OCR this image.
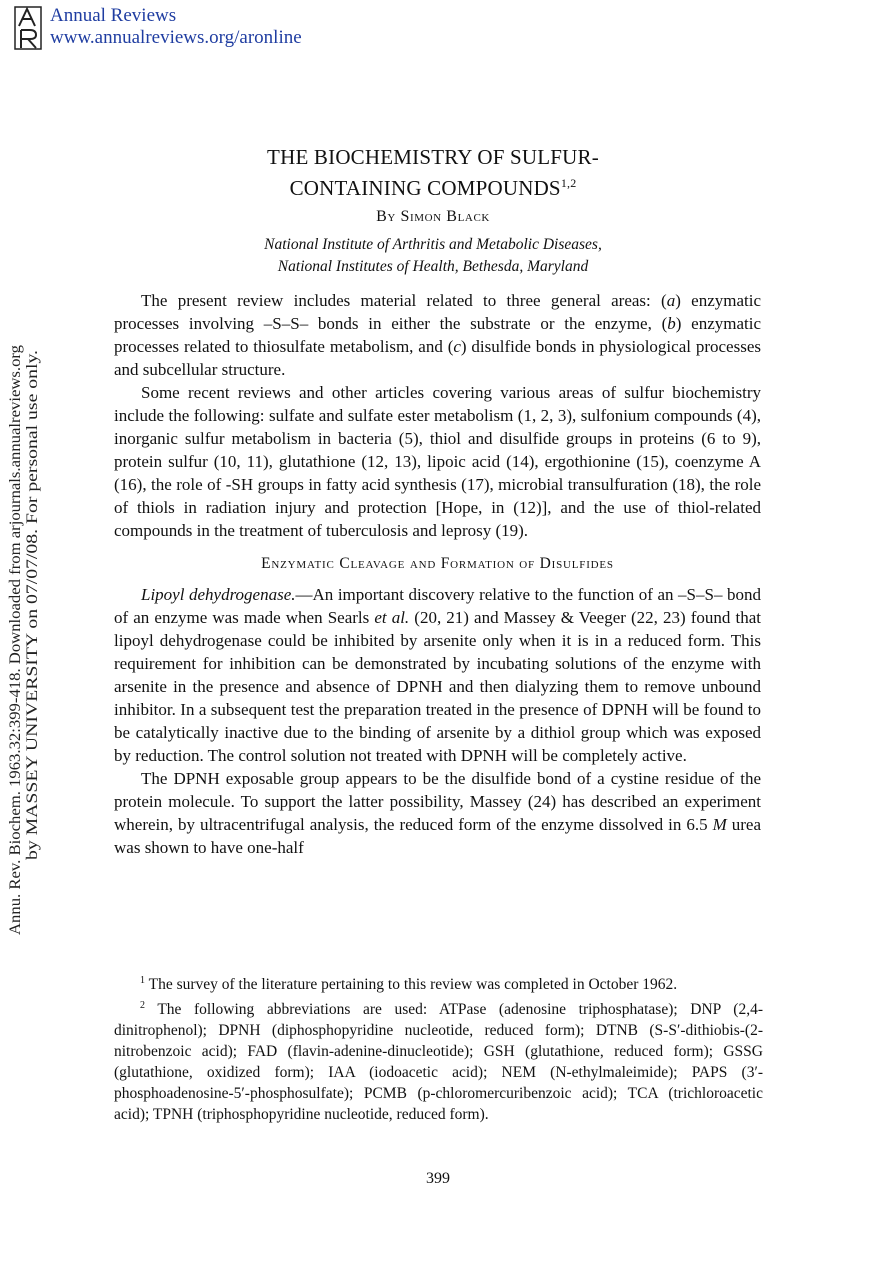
Annual Reviews
www.annualreviews.org/aronline
Annu. Rev. Biochem. 1963.32:399-418. Downloaded from arjournals.annualreviews.org by MASSEY UNIVERSITY on 07/07/08. For personal use only.
THE BIOCHEMISTRY OF SULFUR-
CONTAINING COMPOUNDS$^{1,2}$
By Simon Black
National Institute of Arthritis and Metabolic Diseases,
National Institutes of Health, Bethesda, Maryland

The present review includes material related to three general areas: (a) enzymatic processes involving –S–S– bonds in either the substrate or the enzyme, (b) enzymatic processes related to thiosulfate metabolism, and (c) disulfide bonds in physiological processes and subcellular structure.

Some recent reviews and other articles covering various areas of sulfur biochemistry include the following: sulfate and sulfate ester metabolism (1, 2, 3), sulfonium compounds (4), inorganic sulfur metabolism in bacteria (5), thiol and disulfide groups in proteins (6 to 9), protein sulfur (10, 11), glutathione (12, 13), lipoic acid (14), ergothionine (15), coenzyme A (16), the role of -SH groups in fatty acid synthesis (17), microbial transulfuration (18), the role of thiols in radiation injury and protection [Hope, in (12)], and the use of thiol-related compounds in the treatment of tuberculosis and leprosy (19).

Enzymatic Cleavage and Formation of Disulfides

Lipoyl dehydrogenase.—An important discovery relative to the function of an –S–S– bond of an enzyme was made when Searls et al. (20, 21) and Massey & Veeger (22, 23) found that lipoyl dehydrogenase could be inhibited by arsenite only when it is in a reduced form. This requirement for inhibition can be demonstrated by incubating solutions of the enzyme with arsenite in the presence and absence of DPNH and then dialyzing them to remove unbound inhibitor. In a subsequent test the preparation treated in the presence of DPNH will be found to be catalytically inactive due to the binding of arsenite by a dithiol group which was exposed by reduction. The control solution not treated with DPNH will be completely active.

The DPNH exposable group appears to be the disulfide bond of a cystine residue of the protein molecule. To support the latter possibility, Massey (24) has described an experiment wherein, by ultracentrifugal analysis, the reduced form of the enzyme dissolved in 6.5 M urea was shown to have one-half

$^1$ The survey of the literature pertaining to this review was completed in October 1962.

$^2$ The following abbreviations are used: ATPase (adenosine triphosphatase); DNP (2,4-dinitrophenol); DPNH (diphosphopyridine nucleotide, reduced form); DTNB (S-S′-dithiobis-(2-nitrobenzoic acid); FAD (flavin-adenine-dinucleotide); GSH (glutathione, reduced form); GSSG (glutathione, oxidized form); IAA (iodoacetic acid); NEM (N-ethylmaleimide); PAPS (3′-phosphoadenosine-5′-phosphosulfate); PCMB (p-chloromercuribenzoic acid); TCA (trichloroacetic acid); TPNH (triphosphopyridine nucleotide, reduced form).

399
